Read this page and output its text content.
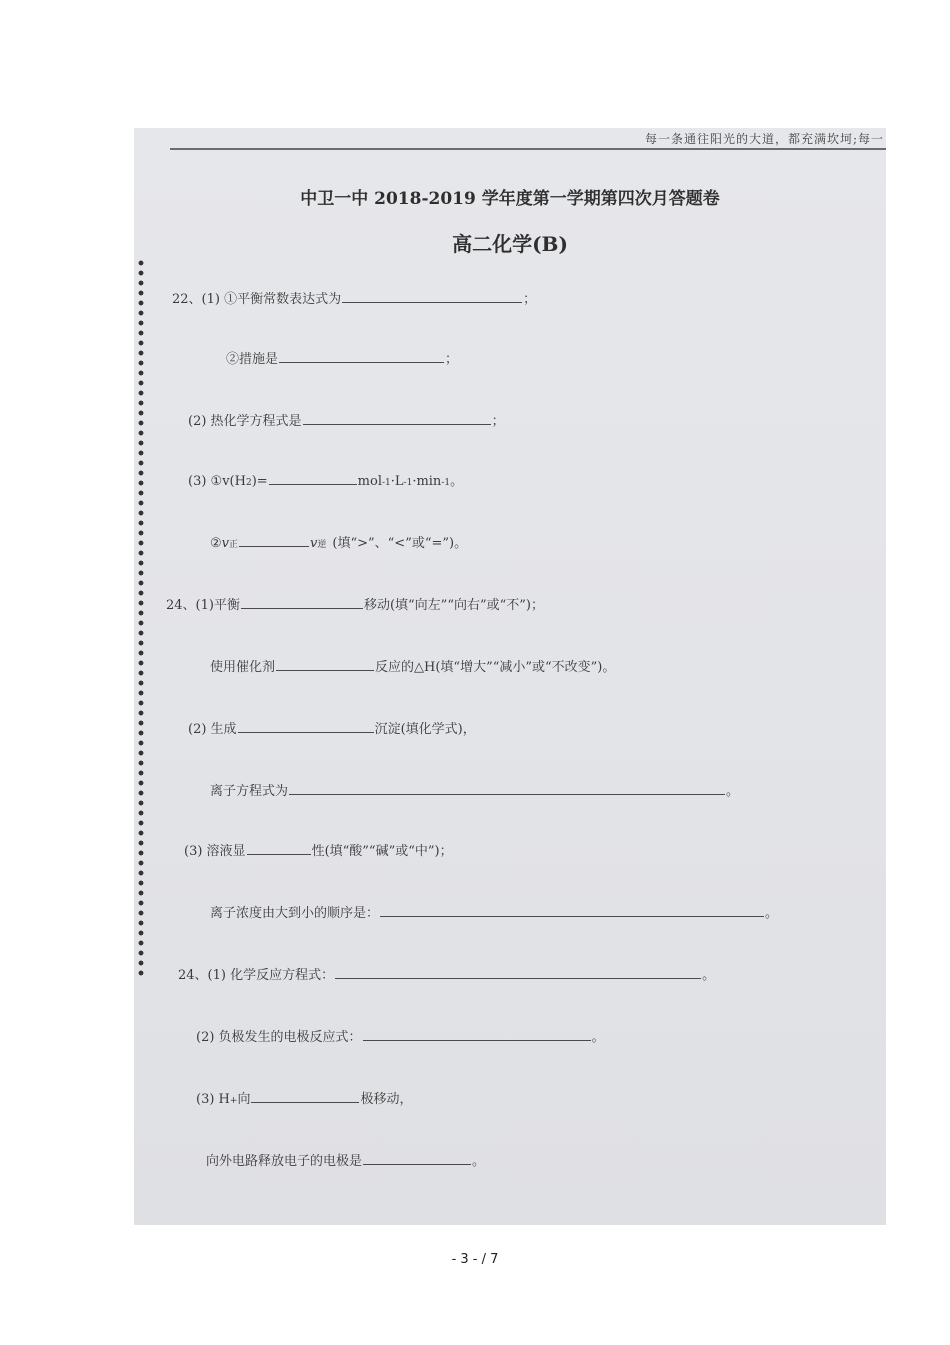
每一条通往阳光的大道，都充满坎坷;每一
中卫一中 2018-2019 学年度第一学期第四次月答题卷
高二化学(B)
22、(1) ①平衡常数表达式为	；
②措施是	；
(2) 热化学方程式是	；
(3) ①v(H 2 )=	mol -1 ·L -1 ·min -1 。
② v 正	v 逆 (填“>”、“<”或“=”)。
24、(1)平衡	移动(填“向左”“向右”或“不”)；
使用催化剂	反应的△H(填“增大”“减小”或“不改变”)。
(2) 生成	沉淀(填化学式)，
离子方程式为	。
(3) 溶液显	性(填“酸”“碱”或“中”)；
离子浓度由大到小的顺序是：	。
24、(1) 化学反应方程式：	。
(2) 负极发生的电极反应式：	。
(3) H + 向	极移动，
向外电路释放电子的电极是	。
- 3 - / 7
